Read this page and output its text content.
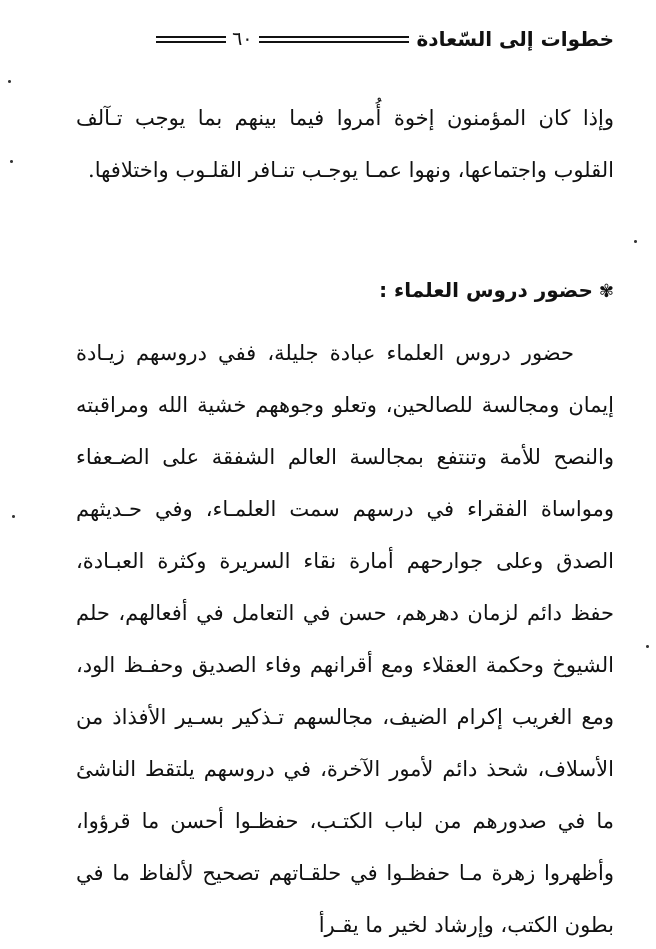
خطوات إلى السّعادة
٦٠

وإذا كان المؤمنون إخوة أُمروا فيما بينهم بما يوجب تـآلف القلوب واجتماعها، ونهوا عمـا يوجـب تنـافر القلـوب واختلافها.

✾حضور دروس العلماء :

حضور دروس العلماء عبادة جليلة، ففي دروسهم زيـادة إيمان ومجالسة للصالحين، وتعلو وجوههم خشية الله ومراقبته والنصح للأمة وتنتفع بمجالسة العالم الشفقة على الضـعفاء ومواساة الفقراء في درسهم سمت العلمـاء، وفي حـديثهم الصدق وعلى جوارحهم أمارة نقاء السريرة وكثرة العبـادة، حفظ دائم لزمان دهرهم، حسن في التعامل في أفعالهم، حلم الشيوخ وحكمة العقلاء ومع أقرانهم وفاء الصديق وحفـظ الود، ومع الغريب إكرام الضيف، مجالسهم تـذكير بسـير الأفذاذ من الأسلاف، شحذ دائم لأمور الآخرة، في دروسهم يلتقط الناشئ ما في صدورهم من لباب الكتـب، حفظـوا أحسن ما قرؤوا، وأظهروا زهرة مـا حفظـوا في حلقـاتهم تصحيح لألفاظ ما في بطون الكتب، وإرشاد لخير ما يقـرأ
